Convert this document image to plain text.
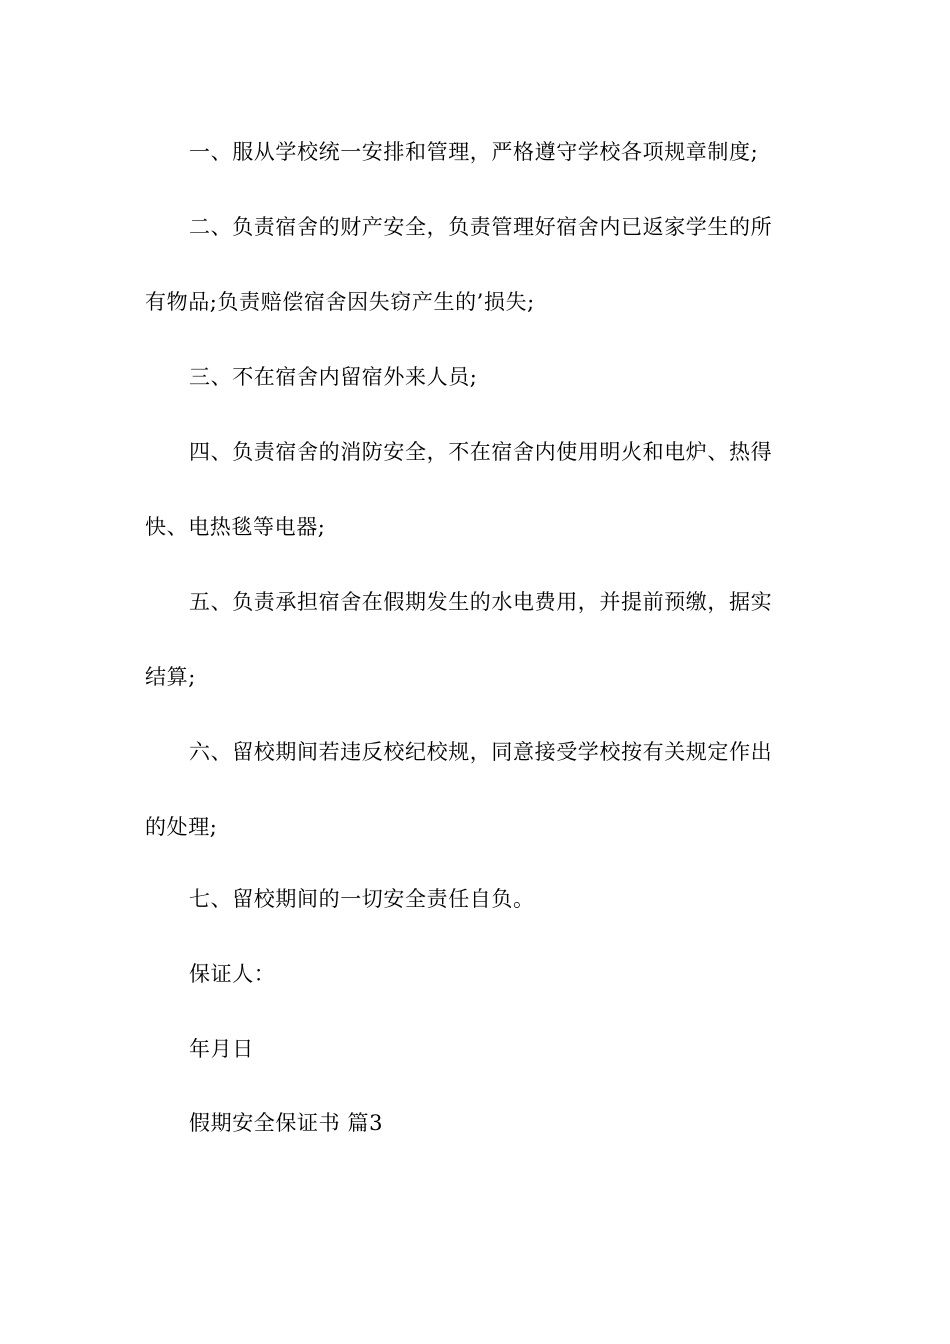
一、服从学校统一安排和管理，严格遵守学校各项规章制度;
二、负责宿舍的财产安全，负责管理好宿舍内已返家学生的所
有物品;负责赔偿宿舍因失窃产生的’损失;
三、不在宿舍内留宿外来人员;
四、负责宿舍的消防安全，不在宿舍内使用明火和电炉、热得
快、电热毯等电器;
五、负责承担宿舍在假期发生的水电费用，并提前预缴，据实
结算;
六、留校期间若违反校纪校规，同意接受学校按有关规定作出
的处理;
七、留校期间的一切安全责任自负。
保证人：
年月日
假期安全保证书 篇3
